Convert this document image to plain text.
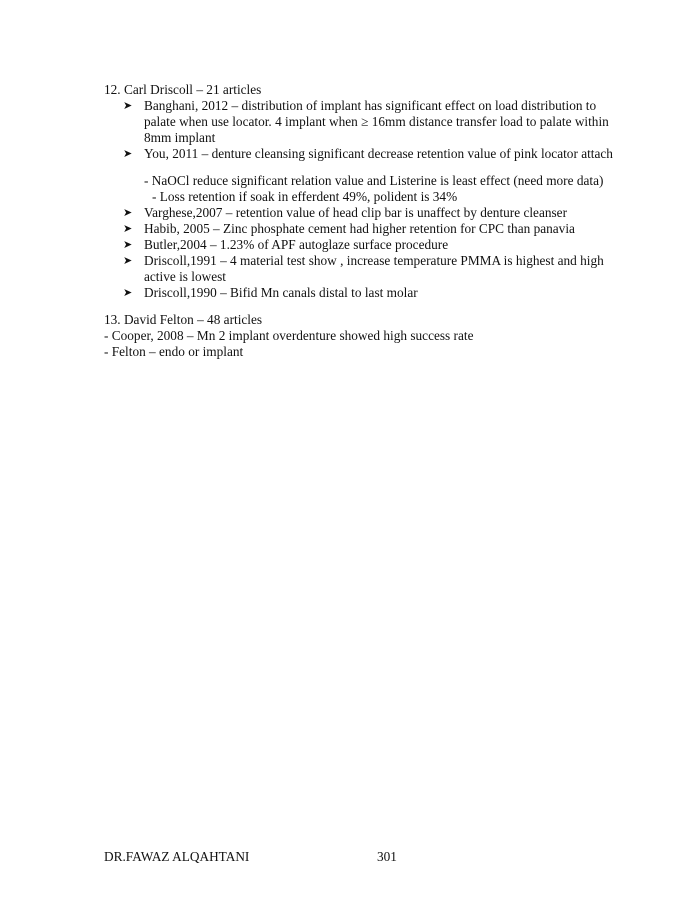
12. Carl Driscoll – 21 articles

➤ Banghani, 2012 – distribution of implant has significant effect on load distribution to palate when use locator. 4 implant when ≥ 16mm distance transfer load to palate within 8mm implant
➤ You, 2011 – denture cleansing significant decrease retention value of pink locator attach

- NaOCl reduce significant relation value and Listerine is least effect (need more data)

- Loss retention if soak in efferdent 49%, polident is 34%

➤ Varghese,2007 – retention value of head clip bar is unaffect by denture cleanser
➤ Habib, 2005 – Zinc phosphate cement had higher retention for CPC than panavia
➤ Butler,2004 – 1.23% of APF autoglaze surface procedure
➤ Driscoll,1991 – 4 material test show , increase temperature PMMA is highest and high active is lowest
➤ Driscoll,1990 – Bifid Mn canals distal to last molar

13. David Felton – 48 articles

- Cooper, 2008 – Mn 2 implant overdenture showed high success rate

- Felton – endo or implant

DR.FAWAZ ALQAHTANI	301
